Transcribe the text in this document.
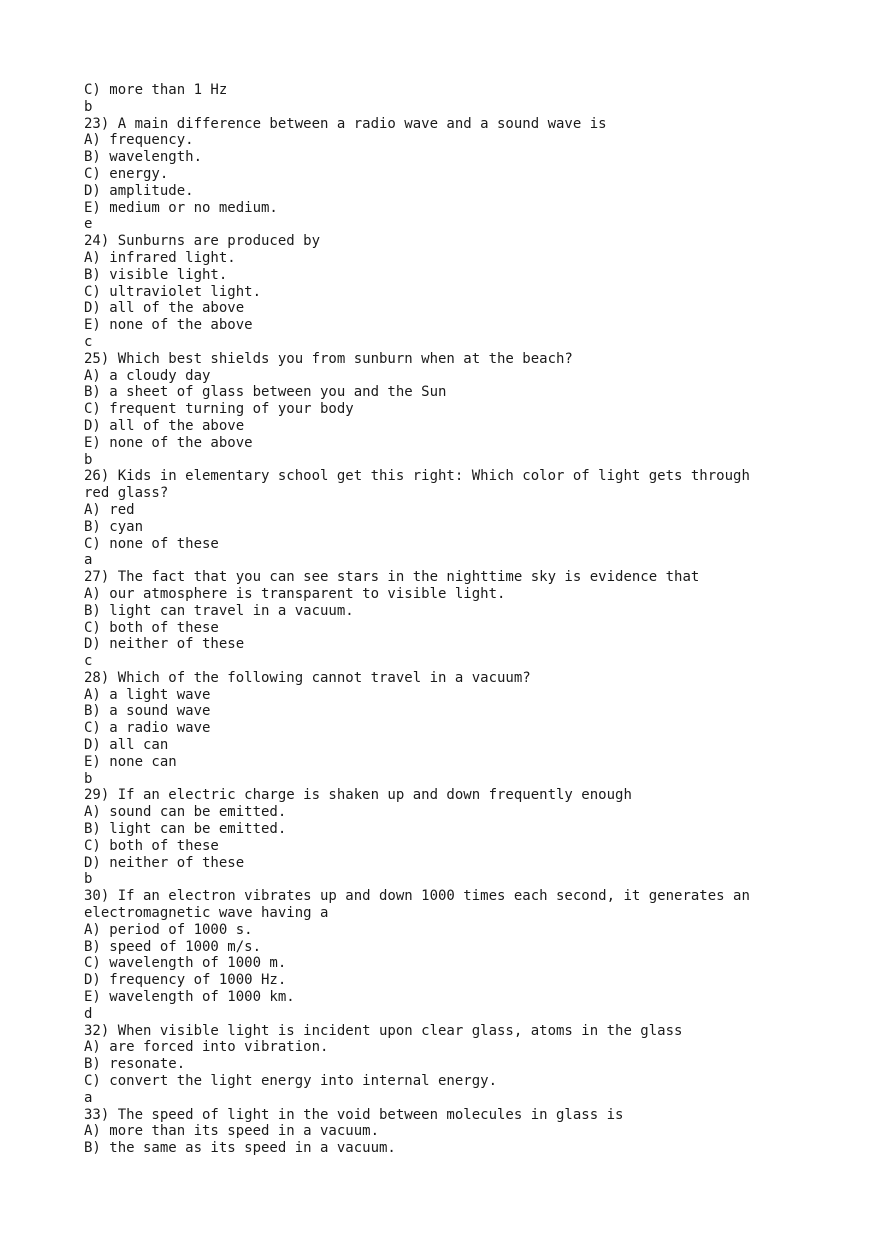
C) more than 1 Hz
b
23) A main difference between a radio wave and a sound wave is
A) frequency.
B) wavelength.
C) energy.
D) amplitude.
E) medium or no medium.
e
24) Sunburns are produced by
A) infrared light.
B) visible light.
C) ultraviolet light.
D) all of the above
E) none of the above
c
25) Which best shields you from sunburn when at the beach?
A) a cloudy day
B) a sheet of glass between you and the Sun
C) frequent turning of your body
D) all of the above
E) none of the above
b
26) Kids in elementary school get this right: Which color of light gets through
red glass?
A) red
B) cyan
C) none of these
a
27) The fact that you can see stars in the nighttime sky is evidence that
A) our atmosphere is transparent to visible light.
B) light can travel in a vacuum.
C) both of these
D) neither of these
c
28) Which of the following cannot travel in a vacuum?
A) a light wave
B) a sound wave
C) a radio wave
D) all can
E) none can
b
29) If an electric charge is shaken up and down frequently enough
A) sound can be emitted.
B) light can be emitted.
C) both of these
D) neither of these
b
30) If an electron vibrates up and down 1000 times each second, it generates an
electromagnetic wave having a
A) period of 1000 s.
B) speed of 1000 m/s.
C) wavelength of 1000 m.
D) frequency of 1000 Hz.
E) wavelength of 1000 km.
d
32) When visible light is incident upon clear glass, atoms in the glass
A) are forced into vibration.
B) resonate.
C) convert the light energy into internal energy.
a
33) The speed of light in the void between molecules in glass is
A) more than its speed in a vacuum.
B) the same as its speed in a vacuum.
